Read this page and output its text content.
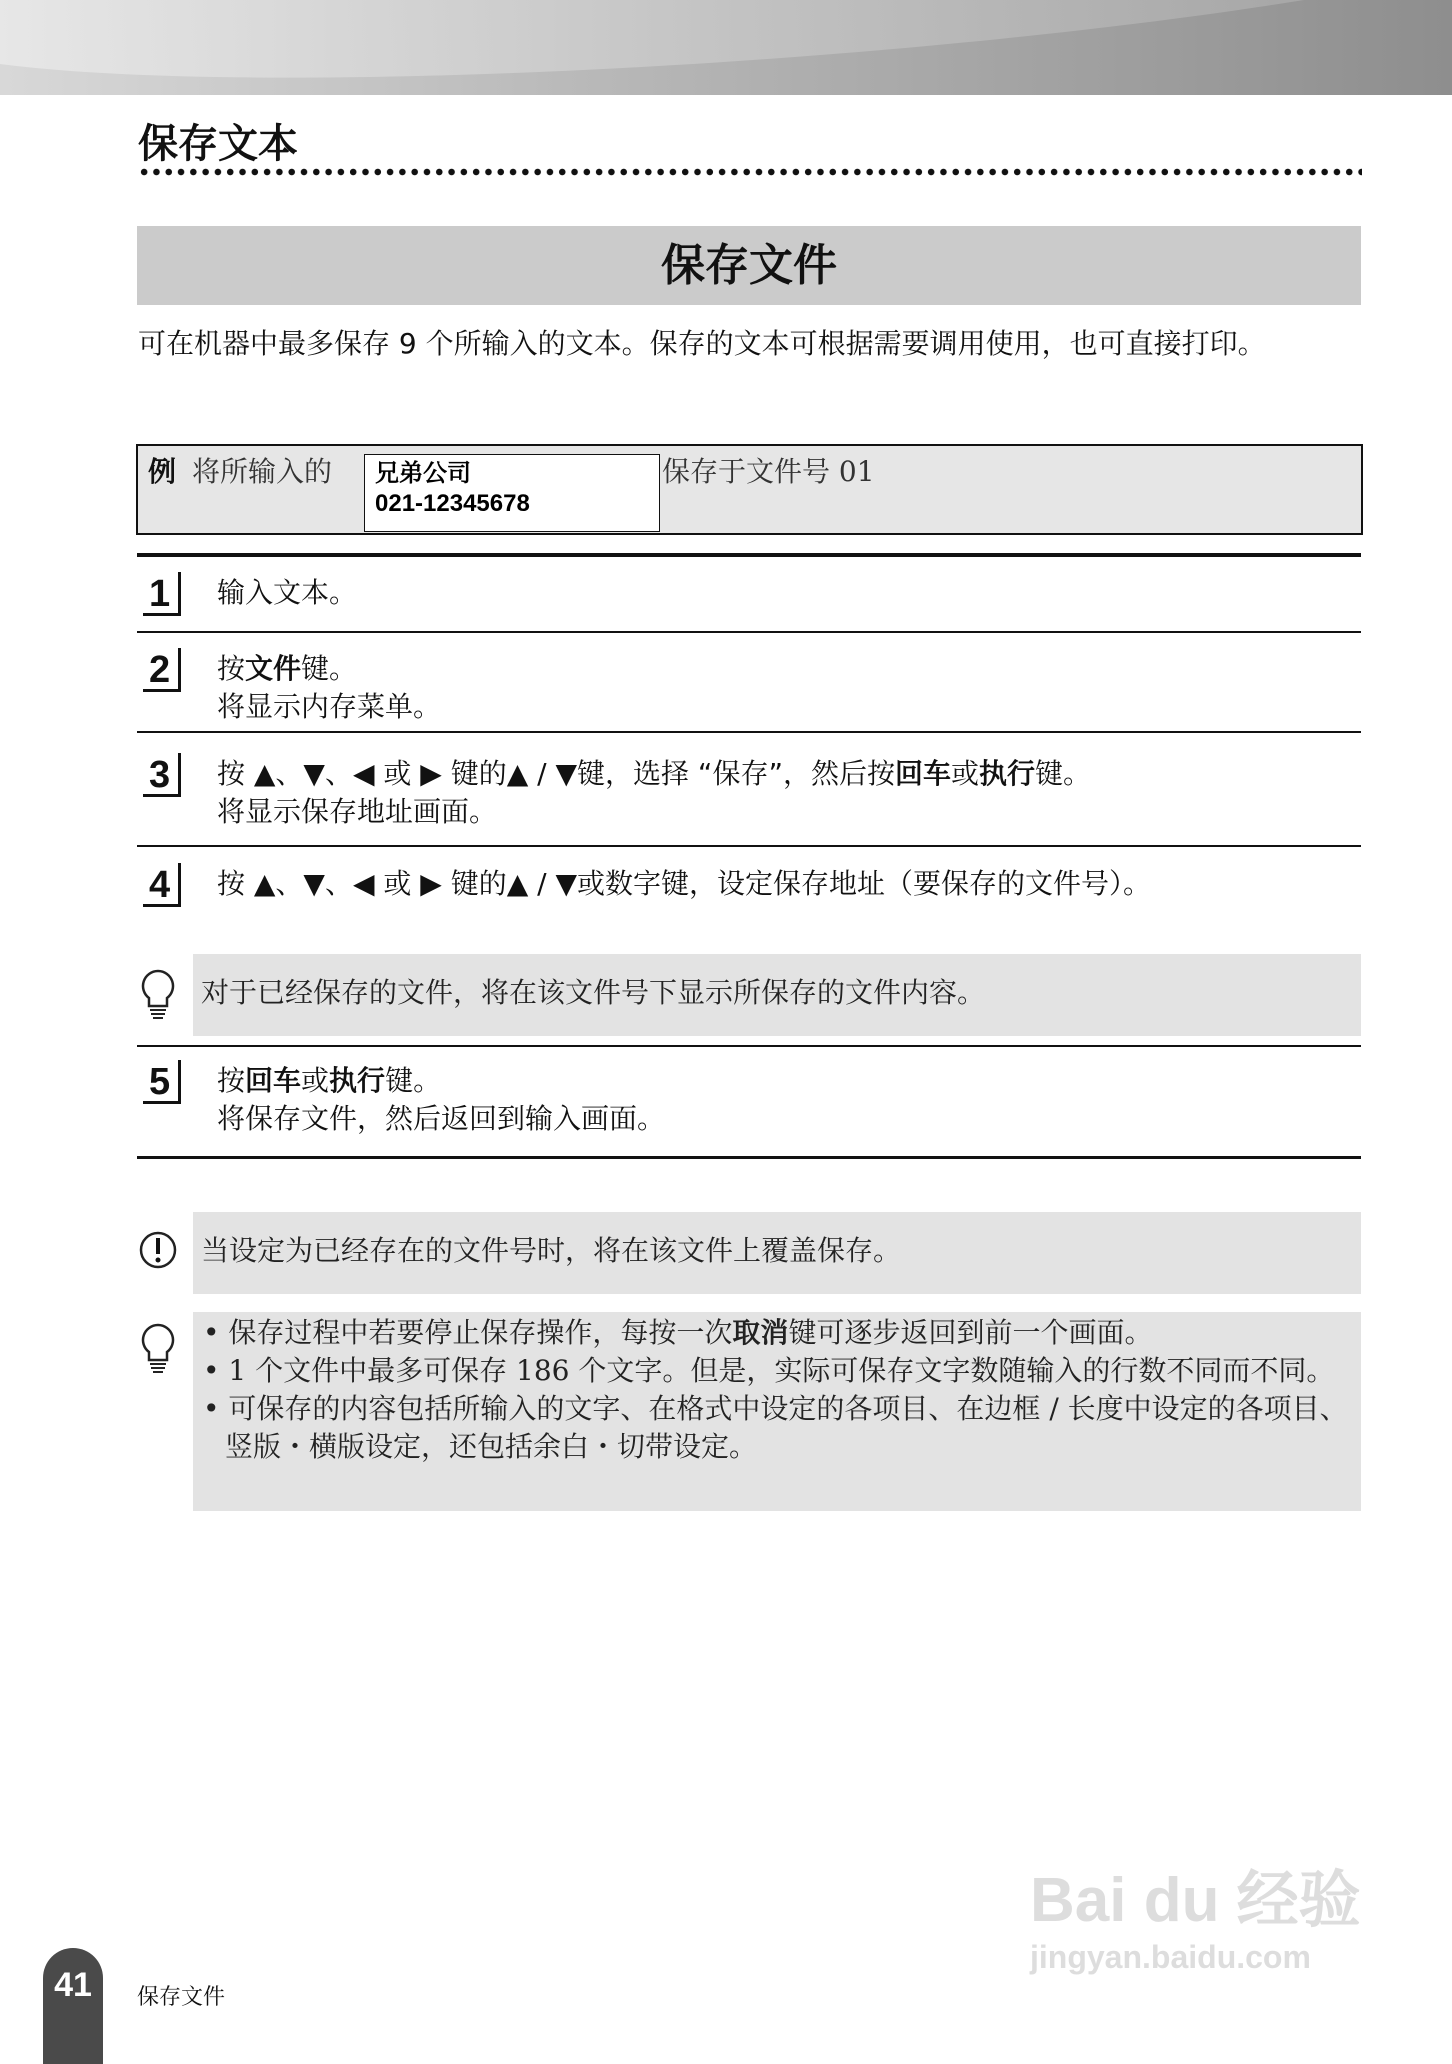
保存文本
保存文件
可在机器中最多保存 9 个所输入的文本。保存的文本可根据需要调用使用，也可直接打印。
例 将所输入的 兄弟公司
021-12345678
保存于文件号 01
1	输入文本。
2	按文件键。
将显示内存菜单。
3	按 ▲、▼、◀ 或 ▶ 键的▲ / ▼键，选择 “保存”，然后按回车或执行键。
将显示保存地址画面。
4	按 ▲、▼、◀ 或 ▶ 键的▲ / ▼或数字键，设定保存地址（要保存的文件号）。
对于已经保存的文件，将在该文件号下显示所保存的文件内容。
5	按回车或执行键。
将保存文件，然后返回到输入画面。
当设定为已经存在的文件号时，将在该文件上覆盖保存。
• 保存过程中若要停止保存操作，每按一次取消键可逐步返回到前一个画面。
• 1 个文件中最多可保存 186 个文字。但是，实际可保存文字数随输入的行数不同而不同。
• 可保存的内容包括所输入的文字、在格式中设定的各项目、在边框 / 长度中设定的各项目、竖版・横版设定，还包括余白・切带设定。
Bai du 经验
jingyan.baidu.com
41	保存文件
